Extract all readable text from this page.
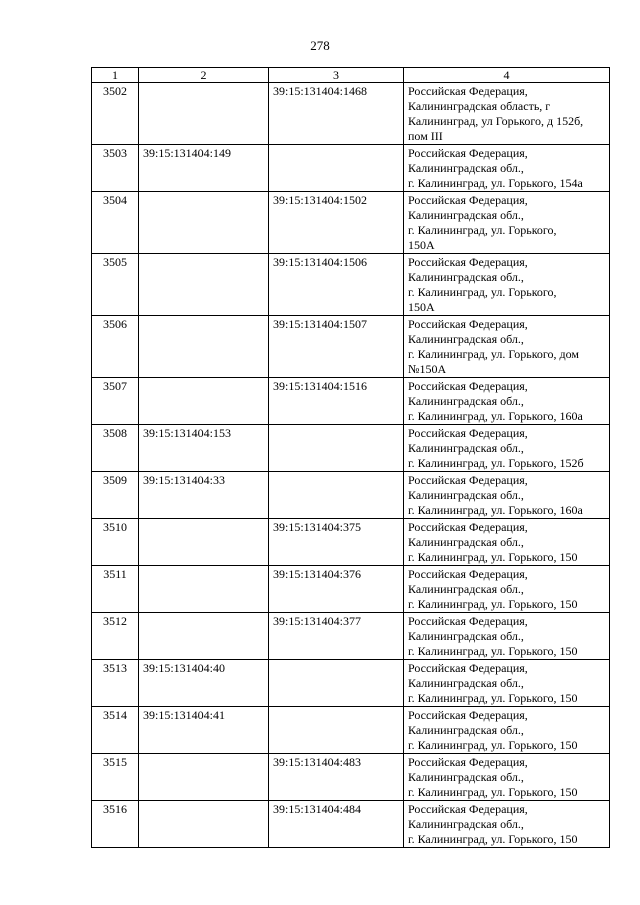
278
1	2	3	4
3502		39:15:131404:1468	Российская Федерация,
Калининградская область, г
Калининград, ул Горького, д 152б,
пом III

3503	39:15:131404:149		Российская Федерация,
Калининградская обл.,
г. Калининград, ул. Горького, 154а

3504		39:15:131404:1502	Российская Федерация,
Калининградская обл.,
г. Калининград, ул. Горького,
150А

3505		39:15:131404:1506	Российская Федерация,
Калининградская обл.,
г. Калининград, ул. Горького,
150А

3506		39:15:131404:1507	Российская Федерация,
Калининградская обл.,
г. Калининград, ул. Горького, дом
№150А

3507		39:15:131404:1516	Российская Федерация,
Калининградская обл.,
г. Калининград, ул. Горького, 160а

3508	39:15:131404:153		Российская Федерация,
Калининградская обл.,
г. Калининград, ул. Горького, 152б

3509	39:15:131404:33		Российская Федерация,
Калининградская обл.,
г. Калининград, ул. Горького, 160а

3510		39:15:131404:375	Российская Федерация,
Калининградская обл.,
г. Калининград, ул. Горького, 150

3511		39:15:131404:376	Российская Федерация,
Калининградская обл.,
г. Калининград, ул. Горького, 150

3512		39:15:131404:377	Российская Федерация,
Калининградская обл.,
г. Калининград, ул. Горького, 150

3513	39:15:131404:40		Российская Федерация,
Калининградская обл.,
г. Калининград, ул. Горького, 150

3514	39:15:131404:41		Российская Федерация,
Калининградская обл.,
г. Калининград, ул. Горького, 150

3515		39:15:131404:483	Российская Федерация,
Калининградская обл.,
г. Калининград, ул. Горького, 150

3516		39:15:131404:484	Российская Федерация,
Калининградская обл.,
г. Калининград, ул. Горького, 150
